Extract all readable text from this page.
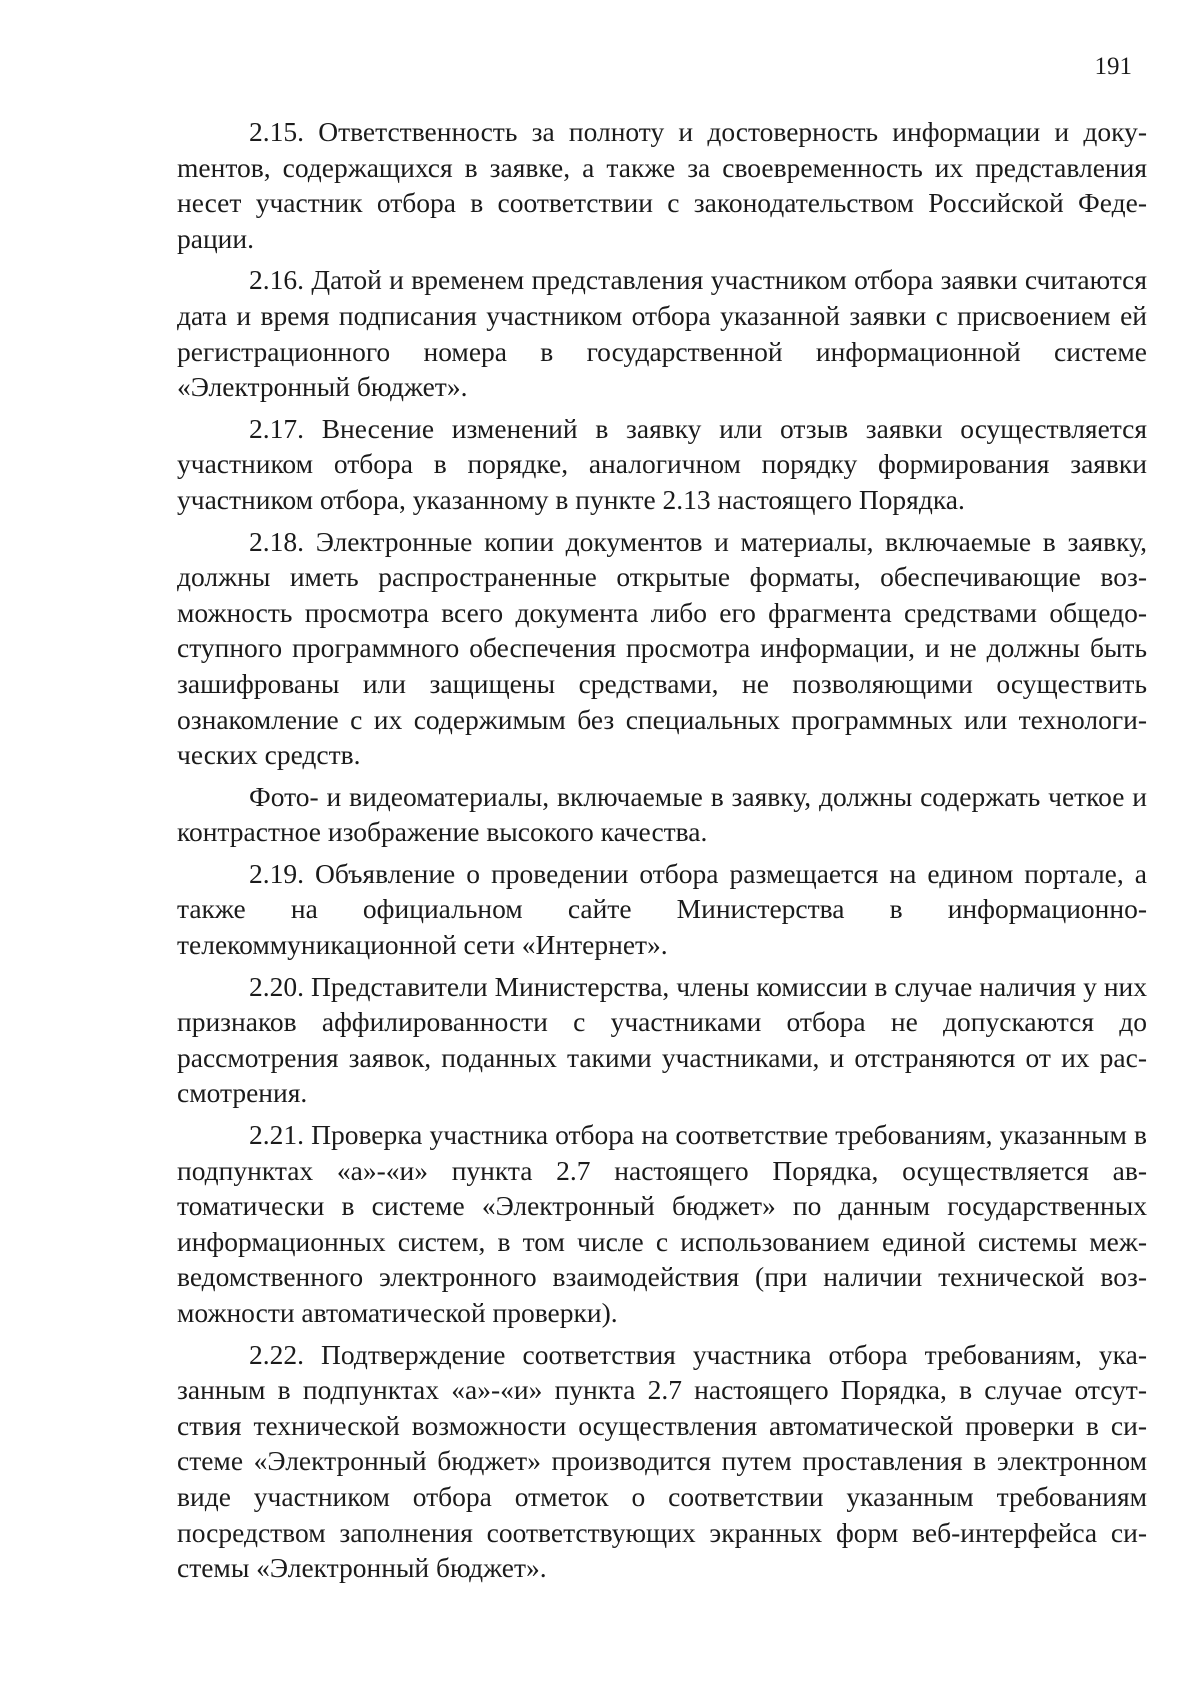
191

2.15. Ответственность за полноту и достоверность информации и докуmентов, содержащихся в заявке, а также за своевременность их представления несет участник отбора в соответствии с законодательством Российской Федерации.

2.16. Датой и временем представления участником отбора заявки считаются дата и время подписания участником отбора указанной заявки с присвоением ей регистрационного номера в государственной информационной системе «Электронный бюджет».

2.17. Внесение изменений в заявку или отзыв заявки осуществляется участником отбора в порядке, аналогичном порядку формирования заявки участником отбора, указанному в пункте 2.13 настоящего Порядка.

2.18. Электронные копии документов и материалы, включаемые в заявку, должны иметь распространенные открытые форматы, обеспечивающие возможность просмотра всего документа либо его фрагмента средствами общедоступного программного обеспечения просмотра информации, и не должны быть зашифрованы или защищены средствами, не позволяющими осуществить ознакомление с их содержимым без специальных программных или технологических средств.

Фото- и видеоматериалы, включаемые в заявку, должны содержать четкое и контрастное изображение высокого качества.

2.19. Объявление о проведении отбора размещается на едином портале, а также на официальном сайте Министерства в информационно-телекоммуникационной сети «Интернет».

2.20. Представители Министерства, члены комиссии в случае наличия у них признаков аффилированности с участниками отбора не допускаются до рассмотрения заявок, поданных такими участниками, и отстраняются от их рассмотрения.

2.21. Проверка участника отбора на соответствие требованиям, указанным в подпунктах «а»-«и» пункта 2.7 настоящего Порядка, осуществляется автоматически в системе «Электронный бюджет» по данным государственных информационных систем, в том числе с использованием единой системы межведомственного электронного взаимодействия (при наличии технической возможности автоматической проверки).

2.22. Подтверждение соответствия участника отбора требованиям, указанным в подпунктах «а»-«и» пункта 2.7 настоящего Порядка, в случае отсутствия технической возможности осуществления автоматической проверки в системе «Электронный бюджет» производится путем проставления в электронном виде участником отбора отметок о соответствии указанным требованиям посредством заполнения соответствующих экранных форм веб-интерфейса системы «Электронный бюджет».
